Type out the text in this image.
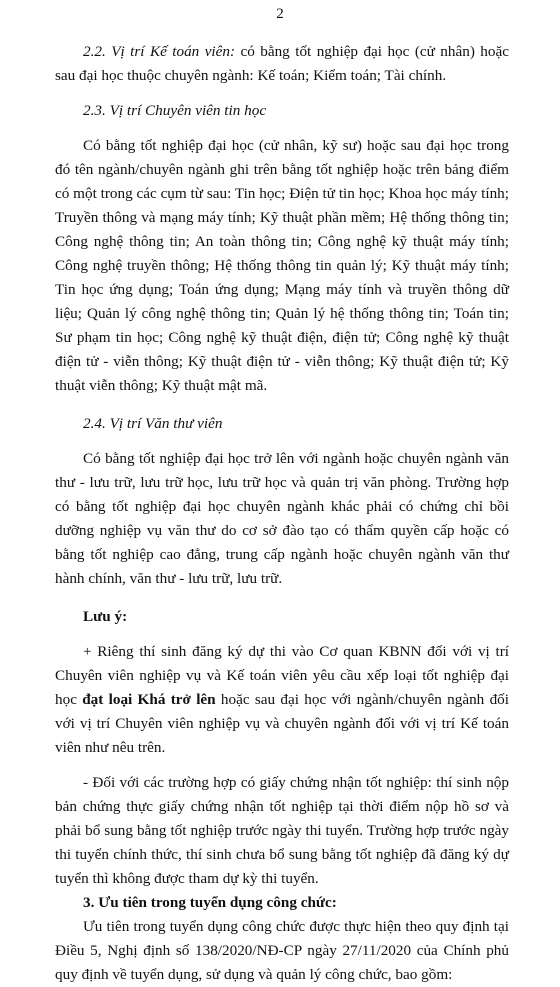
2

2.2. Vị trí Kế toán viên: có bằng tốt nghiệp đại học (cử nhân) hoặc sau đại học thuộc chuyên ngành: Kế toán; Kiểm toán; Tài chính.

2.3. Vị trí Chuyên viên tin học

Có bằng tốt nghiệp đại học (cử nhân, kỹ sư) hoặc sau đại học trong đó tên ngành/chuyên ngành ghi trên bằng tốt nghiệp hoặc trên bảng điểm có một trong các cụm từ sau: Tin học; Điện tử tin học; Khoa học máy tính; Truyền thông và mạng máy tính; Kỹ thuật phần mềm; Hệ thống thông tin; Công nghệ thông tin; An toàn thông tin; Công nghệ kỹ thuật máy tính; Công nghệ truyền thông; Hệ thống thông tin quản lý; Kỹ thuật máy tính; Tin học ứng dụng; Toán ứng dụng; Mạng máy tính và truyền thông dữ liệu; Quản lý công nghệ thông tin; Quản lý hệ thống thông tin; Toán tin; Sư phạm tin học; Công nghệ kỹ thuật điện, điện tử; Công nghệ kỹ thuật điện tử - viễn thông; Kỹ thuật điện tử - viễn thông; Kỹ thuật điện tử; Kỹ thuật viễn thông; Kỹ thuật mật mã.

2.4. Vị trí Văn thư viên

Có bằng tốt nghiệp đại học trở lên với ngành hoặc chuyên ngành văn thư - lưu trữ, lưu trữ học, lưu trữ học và quản trị văn phòng. Trường hợp có bằng tốt nghiệp đại học chuyên ngành khác phải có chứng chỉ bồi dưỡng nghiệp vụ văn thư do cơ sở đào tạo có thẩm quyền cấp hoặc có bằng tốt nghiệp cao đẳng, trung cấp ngành hoặc chuyên ngành văn thư hành chính, văn thư - lưu trữ, lưu trữ.

Lưu ý:

+ Riêng thí sinh đăng ký dự thi vào Cơ quan KBNN đối với vị trí Chuyên viên nghiệp vụ và Kế toán viên yêu cầu xếp loại tốt nghiệp đại học đạt loại Khá trở lên hoặc sau đại học với ngành/chuyên ngành đối với vị trí Chuyên viên nghiệp vụ và chuyên ngành đối với vị trí Kế toán viên như nêu trên.

- Đối với các trường hợp có giấy chứng nhận tốt nghiệp: thí sinh nộp bản chứng thực giấy chứng nhận tốt nghiệp tại thời điểm nộp hồ sơ và phải bổ sung bằng tốt nghiệp trước ngày thi tuyển. Trường hợp trước ngày thi tuyển chính thức, thí sinh chưa bổ sung bằng tốt nghiệp đã đăng ký dự tuyển thì không được tham dự kỳ thi tuyển.

3. Ưu tiên trong tuyển dụng công chức:

Ưu tiên trong tuyển dụng công chức được thực hiện theo quy định tại Điều 5, Nghị định số 138/2020/NĐ-CP ngày 27/11/2020 của Chính phủ quy định về tuyển dụng, sử dụng và quản lý công chức, bao gồm:
